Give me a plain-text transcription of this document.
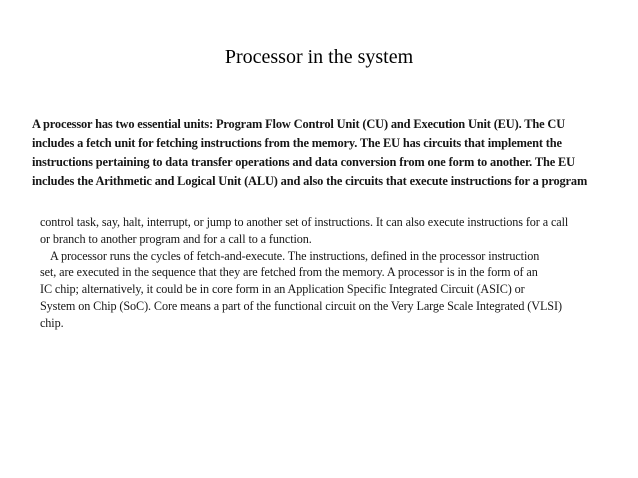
Processor in the system
A processor has two essential units: Program Flow Control Unit (CU) and Execution Unit (EU). The CU
includes a fetch unit for fetching instructions from the memory. The EU has circuits that implement the
instructions pertaining to data transfer operations and data conversion from one form to another. The EU
includes the Arithmetic and Logical Unit (ALU) and also the circuits that execute instructions for a program
control task, say, halt, interrupt, or jump to another set of instructions. It can also execute instructions for a call
or branch to another program and for a call to a function.
A processor runs the cycles of fetch-and-execute. The instructions, defined in the processor instruction
set, are executed in the sequence that they are fetched from the memory. A processor is in the form of an
IC chip; alternatively, it could be in core form in an Application Specific Integrated Circuit (ASIC) or
System on Chip (SoC). Core means a part of the functional circuit on the Very Large Scale Integrated (VLSI)
chip.
